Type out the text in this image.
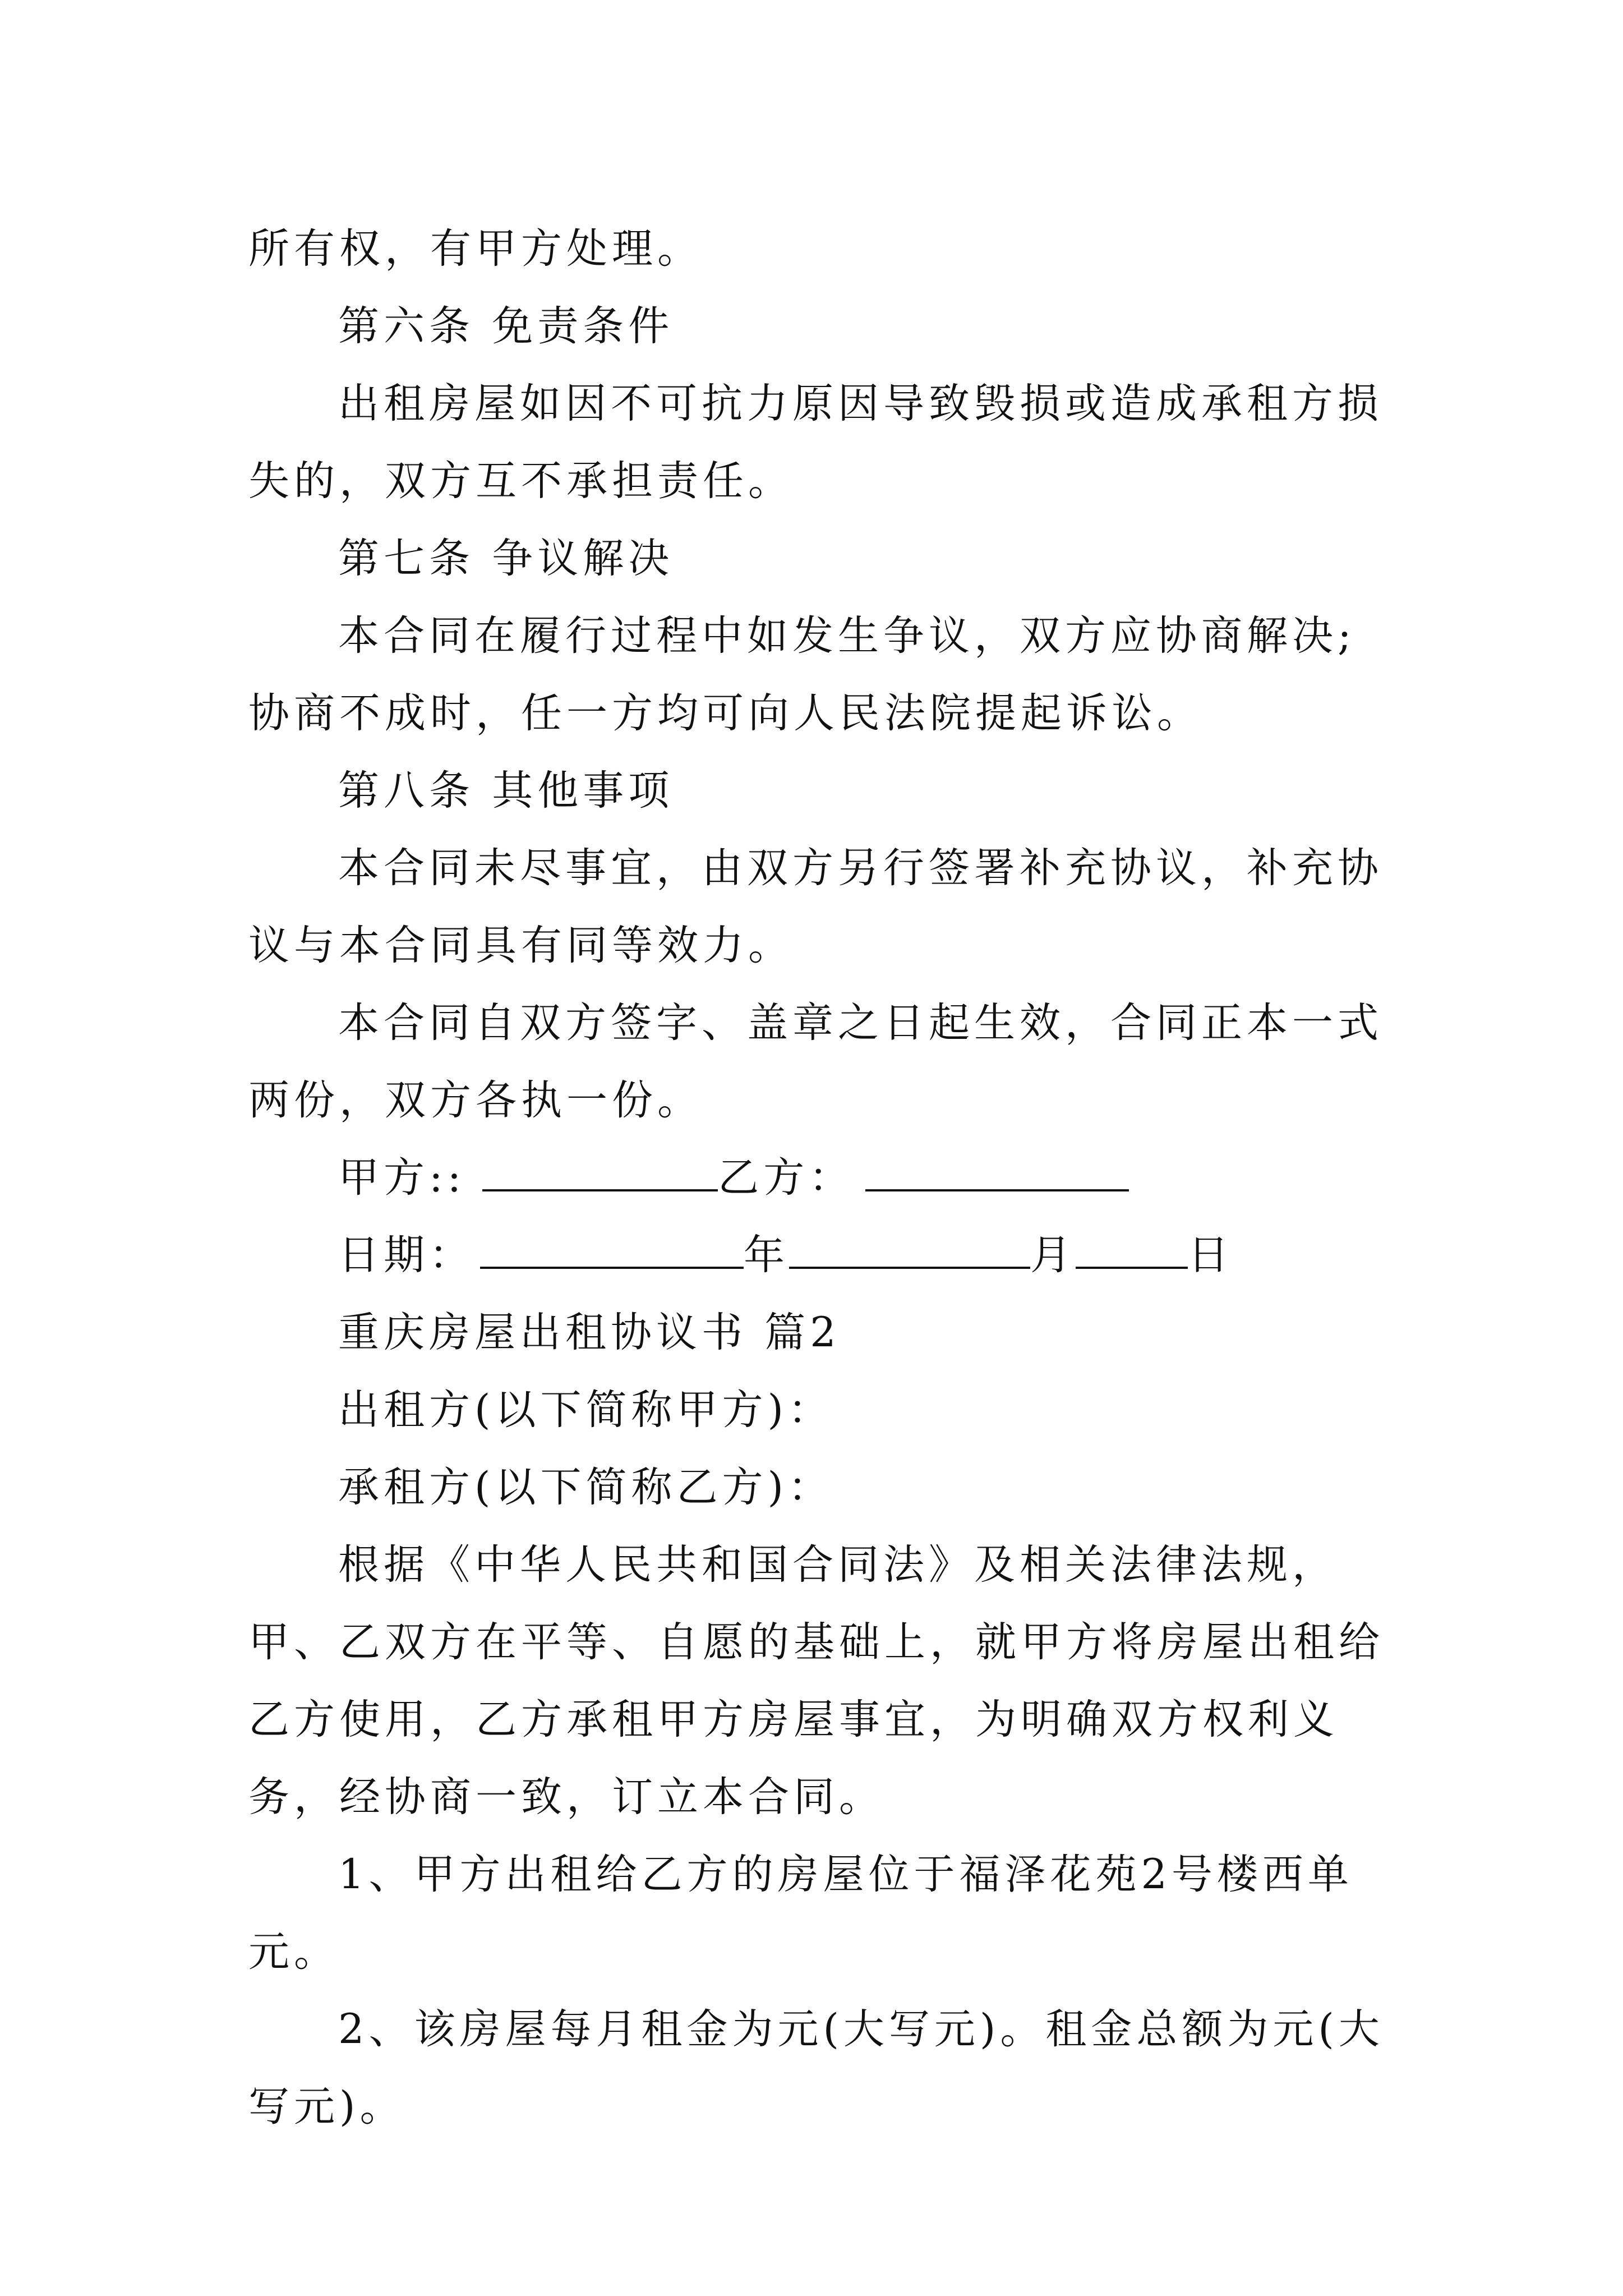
所有权，有甲方处理。

第六条 免责条件

出租房屋如因不可抗力原因导致毁损或造成承租方损失的，双方互不承担责任。

第七条 争议解决

本合同在履行过程中如发生争议，双方应协商解决;协商不成时，任一方均可向人民法院提起诉讼。

第八条 其他事项

本合同未尽事宜，由双方另行签署补充协议，补充协议与本合同具有同等效力。

本合同自双方签字、盖章之日起生效，合同正本一式两份，双方各执一份。

甲方::	乙方：

日期：	年	月	日

重庆房屋出租协议书 篇2

出租方(以下简称甲方)：

承租方(以下简称乙方)：

根据《中华人民共和国合同法》及相关法律法规，甲、乙双方在平等、自愿的基础上，就甲方将房屋出租给乙方使用，乙方承租甲方房屋事宜，为明确双方权利义务，经协商一致，订立本合同。

1、甲方出租给乙方的房屋位于福泽花苑2号楼西单元。

2、该房屋每月租金为元(大写元)。租金总额为元(大写元)。
